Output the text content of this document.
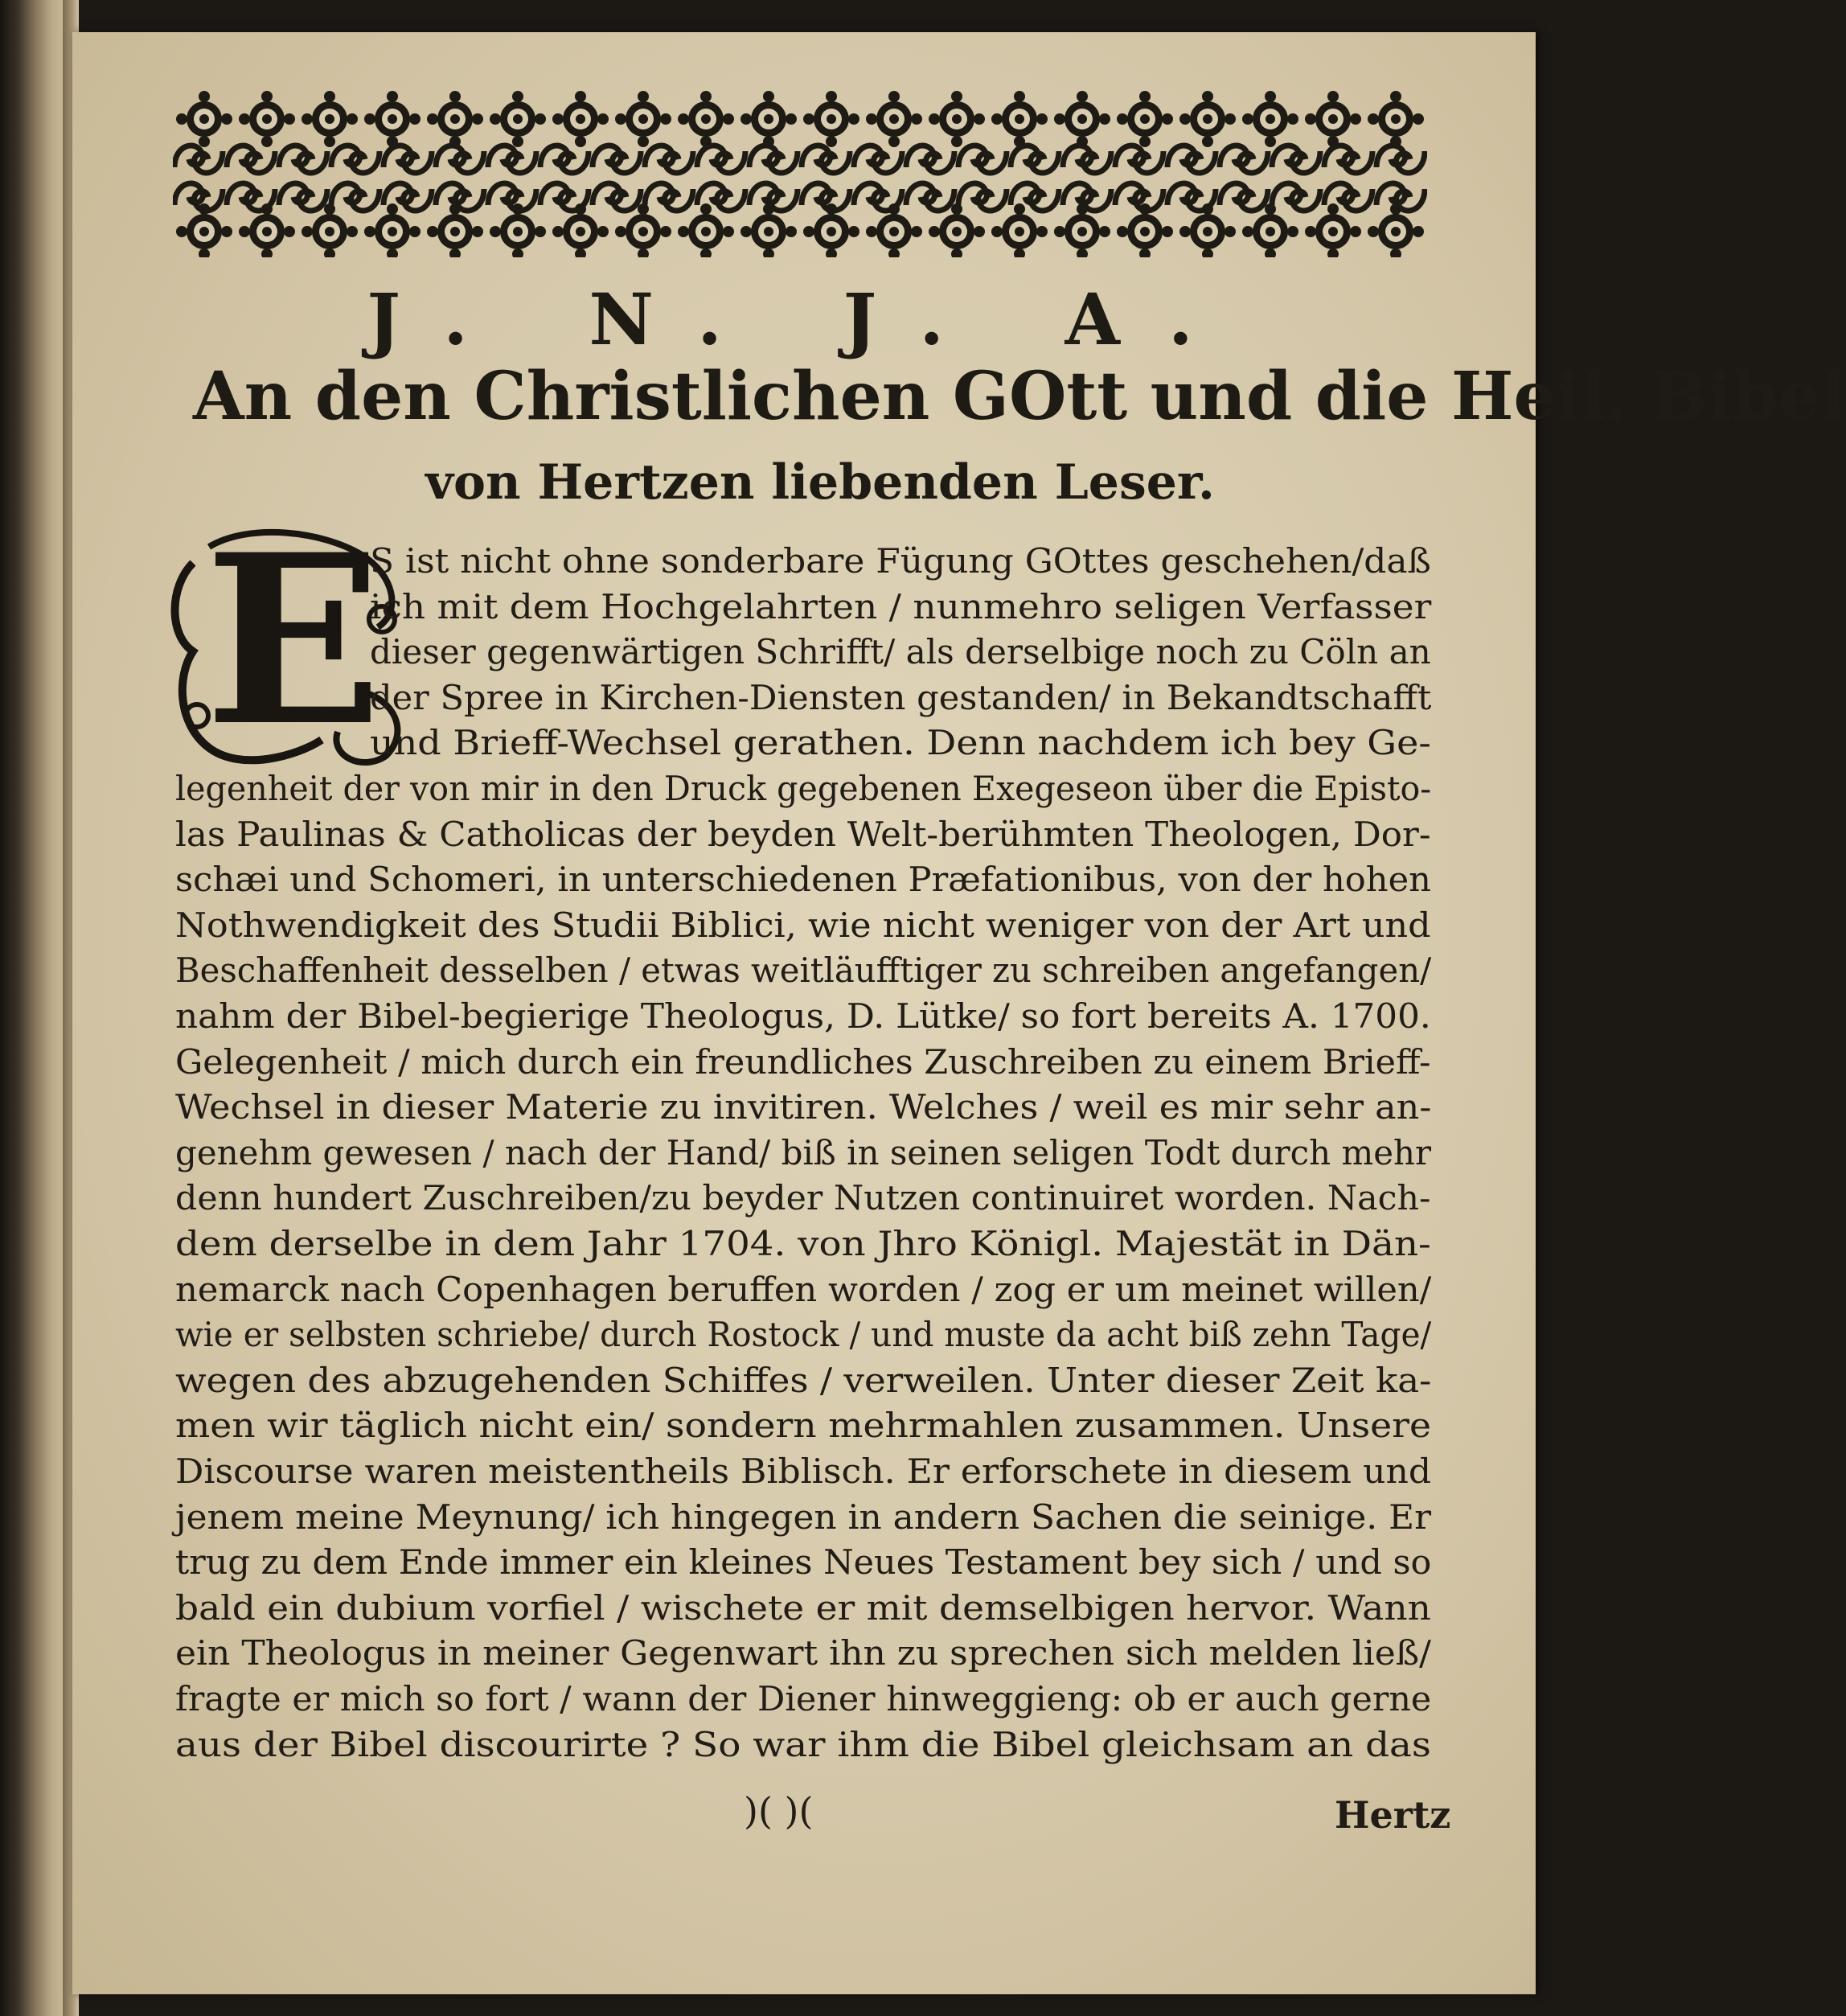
J. N. J. A.
An den Christlichen GOtt und die Heil. Bibel
von Hertzen liebenden Leser.
E

S ist nicht ohne sonderbare Fügung GOttes geschehen/daß

ich mit dem Hochgelahrten / nunmehro seligen Verfasser

dieser gegenwärtigen Schrifft/ als derselbige noch zu Cöln an

der Spree in Kirchen-Diensten gestanden/ in Bekandtschafft

und Brieff-Wechsel gerathen. Denn nachdem ich bey Ge-

legenheit der von mir in den Druck gegebenen Exegeseon über die Episto-

las Paulinas & Catholicas der beyden Welt-berühmten Theologen, Dor-

schæi und Schomeri, in unterschiedenen Præfationibus, von der hohen

Nothwendigkeit des Studii Biblici, wie nicht weniger von der Art und

Beschaffenheit desselben / etwas weitläufftiger zu schreiben angefangen/

nahm der Bibel-begierige Theologus, D. Lütke/ so fort bereits A. 1700.

Gelegenheit / mich durch ein freundliches Zuschreiben zu einem Brieff-

Wechsel in dieser Materie zu invitiren. Welches / weil es mir sehr an-

genehm gewesen / nach der Hand/ biß in seinen seligen Todt durch mehr

denn hundert Zuschreiben/zu beyder Nutzen continuiret worden. Nach-

dem derselbe in dem Jahr 1704. von Jhro Königl. Majestät in Dän-

nemarck nach Copenhagen beruffen worden / zog er um meinet willen/

wie er selbsten schriebe/ durch Rostock / und muste da acht biß zehn Tage/

wegen des abzugehenden Schiffes / verweilen. Unter dieser Zeit ka-

men wir täglich nicht ein/ sondern mehrmahlen zusammen. Unsere

Discourse waren meistentheils Biblisch. Er erforschete in diesem und

jenem meine Meynung/ ich hingegen in andern Sachen die seinige. Er

trug zu dem Ende immer ein kleines Neues Testament bey sich / und so

bald ein dubium vorfiel / wischete er mit demselbigen hervor. Wann

ein Theologus in meiner Gegenwart ihn zu sprechen sich melden ließ/

fragte er mich so fort / wann der Diener hinweggieng: ob er auch gerne

aus der Bibel discourirte ? So war ihm die Bibel gleichsam an das

)( )(	Hertz
